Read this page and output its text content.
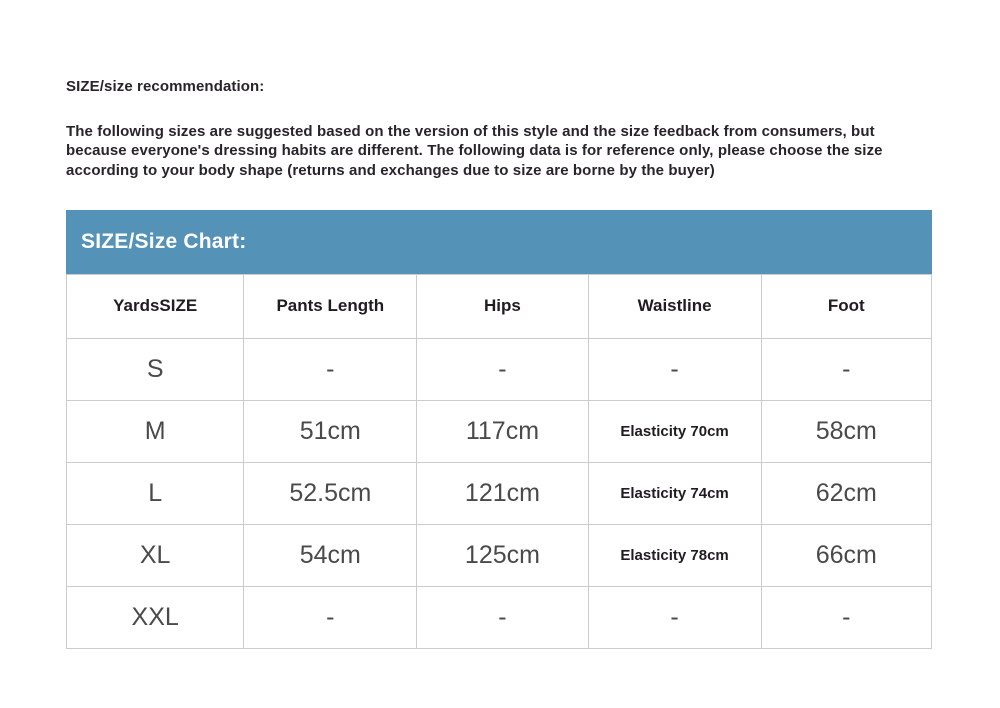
SIZE/size recommendation:

The following sizes are suggested based on the version of this style and the size feedback from consumers, but because everyone's dressing habits are different. The following data is for reference only, please choose the size according to your body shape (returns and exchanges due to size are borne by the buyer)

SIZE/Size Chart:
YardsSIZE	Pants Length	Hips	Waistline	Foot
S	-	-	-	-
M	51cm	117cm	Elasticity 70cm	58cm
L	52.5cm	121cm	Elasticity 74cm	62cm
XL	54cm	125cm	Elasticity 78cm	66cm
XXL	-	-	-	-
